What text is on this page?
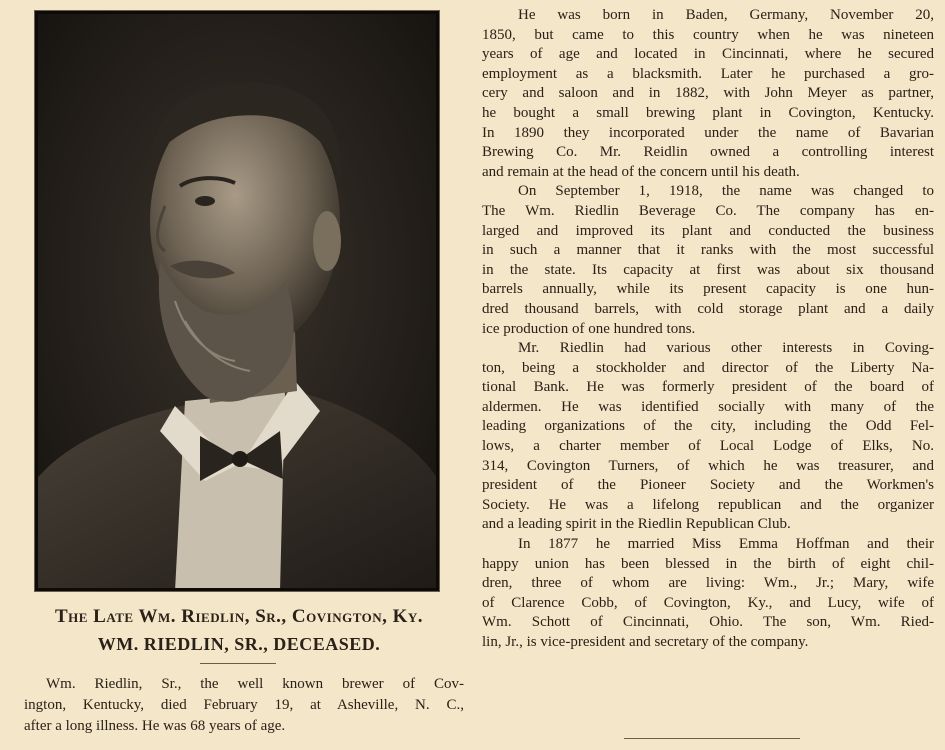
The Late Wm. Riedlin, Sr., Covington, Ky.
WM. RIEDLIN, SR., DECEASED.
Wm. Riedlin, Sr., the well known brewer of Cov-
ington, Kentucky, died February 19, at Asheville, N. C.,
after a long illness. He was 68 years of age.

He was born in Baden, Germany, November 20,
1850, but came to this country when he was nineteen
years of age and located in Cincinnati, where he secured
employment as a blacksmith. Later he purchased a gro-
cery and saloon and in 1882, with John Meyer as partner,
he bought a small brewing plant in Covington, Kentucky.
In 1890 they incorporated under the name of Bavarian
Brewing Co. Mr. Reidlin owned a controlling interest
and remain at the head of the concern until his death.

On September 1, 1918, the name was changed to
The Wm. Riedlin Beverage Co. The company has en-
larged and improved its plant and conducted the business
in such a manner that it ranks with the most successful
in the state. Its capacity at first was about six thousand
barrels annually, while its present capacity is one hun-
dred thousand barrels, with cold storage plant and a daily
ice production of one hundred tons.

Mr. Riedlin had various other interests in Coving-
ton, being a stockholder and director of the Liberty Na-
tional Bank. He was formerly president of the board of
aldermen. He was identified socially with many of the
leading organizations of the city, including the Odd Fel-
lows, a charter member of Local Lodge of Elks, No.
314, Covington Turners, of which he was treasurer, and
president of the Pioneer Society and the Workmen's
Society. He was a lifelong republican and the organizer
and a leading spirit in the Riedlin Republican Club.

In 1877 he married Miss Emma Hoffman and their
happy union has been blessed in the birth of eight chil-
dren, three of whom are living: Wm., Jr.; Mary, wife
of Clarence Cobb, of Covington, Ky., and Lucy, wife of
Wm. Schott of Cincinnati, Ohio. The son, Wm. Ried-
lin, Jr., is vice-president and secretary of the company.
